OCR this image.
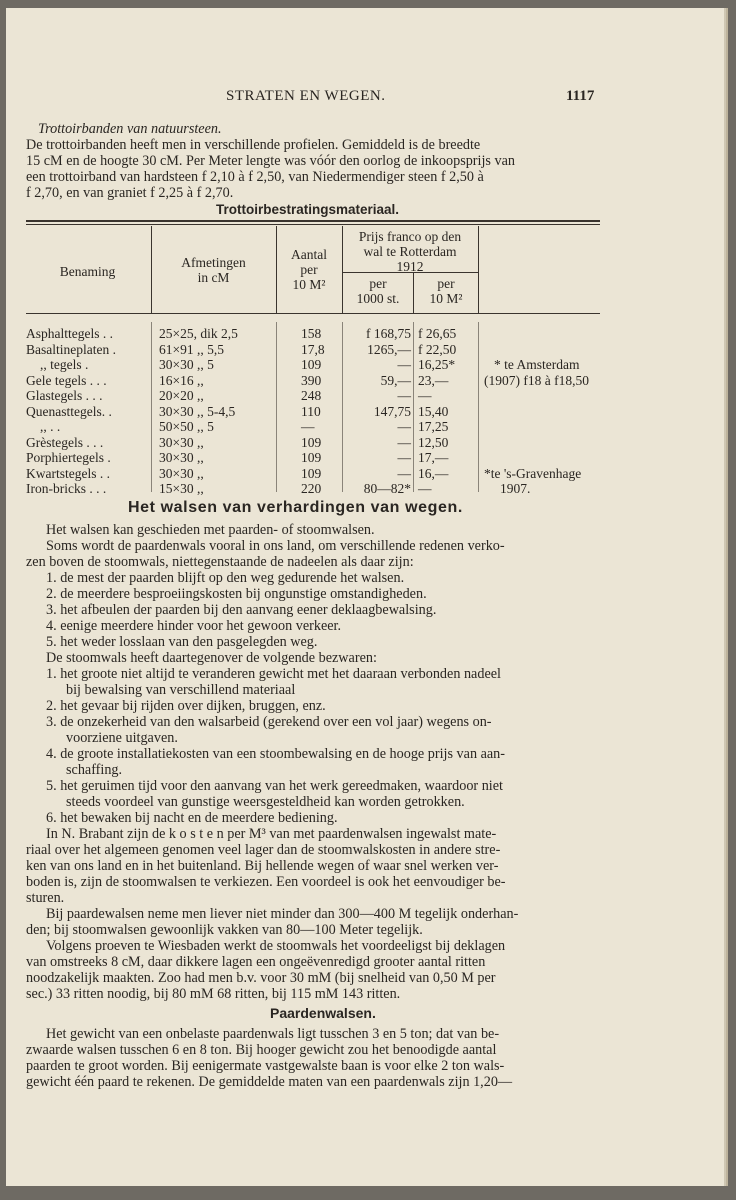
STRATEN EN WEGEN.	1117
Trottoirbanden van natuursteen.
De trottoirbanden heeft men in verschillende profielen. Gemiddeld is de breedte
15 cM en de hoogte 30 cM. Per Meter lengte was vóór den oorlog de inkoopsprijs van
een trottoirband van hardsteen f 2,10 à f 2,50, van Niedermendiger steen f 2,50 à
f 2,70, en van graniet f 2,25 à f 2,70.
Trottoirbestratingsmateriaal.
Benaming
Afmetingen
in cM
Aantal
per
10 M²
Prijs franco op den
wal te Rotterdam
1912
per
1000 st.
per
10 M²
Asphalttegels . .	25×25, dik 2,5	158	f 168,75 f 26,65
Basaltineplaten .	61×91 ,, 5,5	17,8	1265,— f 22,50
,, tegels .	30×30 ,, 5	109	— 16,25*	* te Amsterdam
Gele tegels . . .	16×16 ,,	390	59,— 23,—	(1907) f18 à f18,50
Glastegels . . .	20×20 ,,	248	— —
Quenasttegels. .	30×30 ,, 5-4,5	110	147,75 15,40
,, . .	50×50 ,, 5	—	— 17,25
Grèstegels . . .	30×30 ,,	109	— 12,50
Porphiertegels .	30×30 ,,	109	— 17,—
Kwartstegels . .	30×30 ,,	109	— 16,—	*te 's-Gravenhage
Iron-bricks . . .	15×30 ,,	220	80—82* —	1907.
Het walsen van verhardingen van wegen.
Het walsen kan geschieden met paarden- of stoomwalsen.
Soms wordt de paardenwals vooral in ons land, om verschillende redenen verko-
zen boven de stoomwals, niettegenstaande de nadeelen als daar zijn:
1. de mest der paarden blijft op den weg gedurende het walsen.
2. de meerdere besproeiingskosten bij ongunstige omstandigheden.
3. het afbeulen der paarden bij den aanvang eener deklaagbewalsing.
4. eenige meerdere hinder voor het gewoon verkeer.
5. het weder losslaan van den pasgelegden weg.
De stoomwals heeft daartegenover de volgende bezwaren:
1. het groote niet altijd te veranderen gewicht met het daaraan verbonden nadeel
bij bewalsing van verschillend materiaal
2. het gevaar bij rijden over dijken, bruggen, enz.
3. de onzekerheid van den walsarbeid (gerekend over een vol jaar) wegens on-
voorziene uitgaven.
4. de groote installatiekosten van een stoombewalsing en de hooge prijs van aan-
schaffing.
5. het geruimen tijd voor den aanvang van het werk gereedmaken, waardoor niet
steeds voordeel van gunstige weersgesteldheid kan worden getrokken.
6. het bewaken bij nacht en de meerdere bediening.
In N. Brabant zijn de k o s t e n per M³ van met paardenwalsen ingewalst mate-
riaal over het algemeen genomen veel lager dan de stoomwalskosten in andere stre-
ken van ons land en in het buitenland. Bij hellende wegen of waar snel werken ver-
boden is, zijn de stoomwalsen te verkiezen. Een voordeel is ook het eenvoudiger be-
sturen.
Bij paardewalsen neme men liever niet minder dan 300—400 M tegelijk onderhan-
den; bij stoomwalsen gewoonlijk vakken van 80—100 Meter tegelijk.
Volgens proeven te Wiesbaden werkt de stoomwals het voordeeligst bij deklagen
van omstreeks 8 cM, daar dikkere lagen een ongeëvenredigd grooter aantal ritten
noodzakelijk maakten. Zoo had men b.v. voor 30 mM (bij snelheid van 0,50 M per
sec.) 33 ritten noodig, bij 80 mM 68 ritten, bij 115 mM 143 ritten.
Paardenwalsen.
Het gewicht van een onbelaste paardenwals ligt tusschen 3 en 5 ton; dat van be-
zwaarde walsen tusschen 6 en 8 ton. Bij hooger gewicht zou het benoodigde aantal
paarden te groot worden. Bij eenigermate vastgewalste baan is voor elke 2 ton wals-
gewicht één paard te rekenen. De gemiddelde maten van een paardenwals zijn 1,20—
